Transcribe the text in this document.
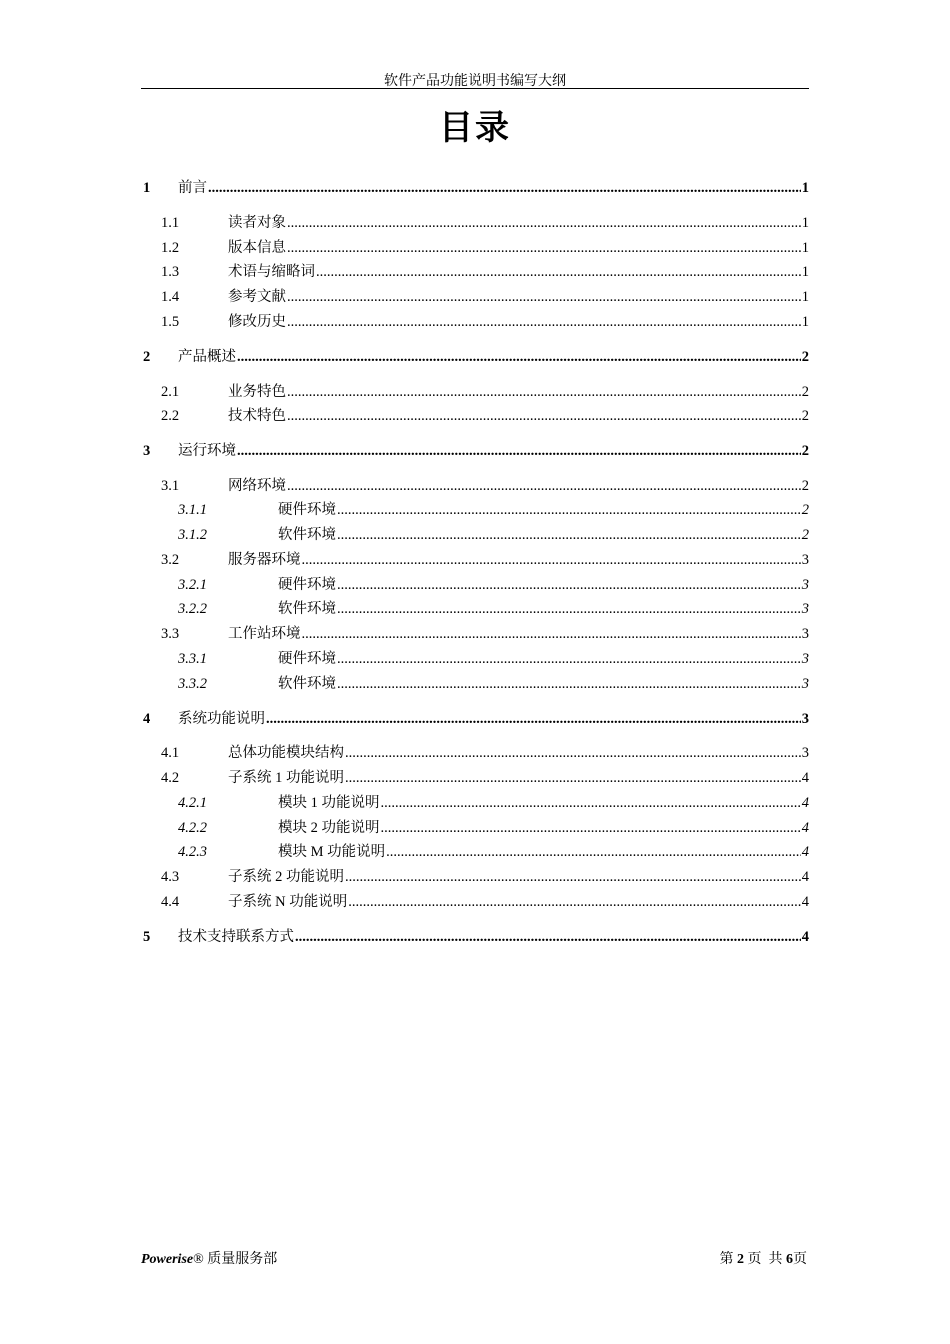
软件产品功能说明书编写大纲
目录
1 前言 .....	1
1.1	读者对象 .....	1
1.2	版本信息 .....	1
1.3	术语与缩略词 .....	1
1.4	参考文献 .....	1
1.5	修改历史 .....	1
2 产品概述 .....	2
2.1	业务特色 .....	2
2.2	技术特色 .....	2
3 运行环境 .....	2
3.1	网络环境 .....	2
3.1.1	硬件环境 .....	2
3.1.2	软件环境 .....	2
3.2	服务器环境 .....	3
3.2.1	硬件环境 .....	3
3.2.2	软件环境 .....	3
3.3	工作站环境 .....	3
3.3.1	硬件环境 .....	3
3.3.2	软件环境 .....	3
4 系统功能说明 .....	3
4.1	总体功能模块结构 .....	3
4.2	子系统 1 功能说明 .....	4
4.2.1	模块 1 功能说明 .....	4
4.2.2	模块 2 功能说明 .....	4
4.2.3	模块 M 功能说明 .....	4
4.3	子系统 2 功能说明 .....	4
4.4	子系统 N 功能说明 .....	4
5 技术支持联系方式 .....	4
Powerise® 质量服务部	第 2 页  共 6页
